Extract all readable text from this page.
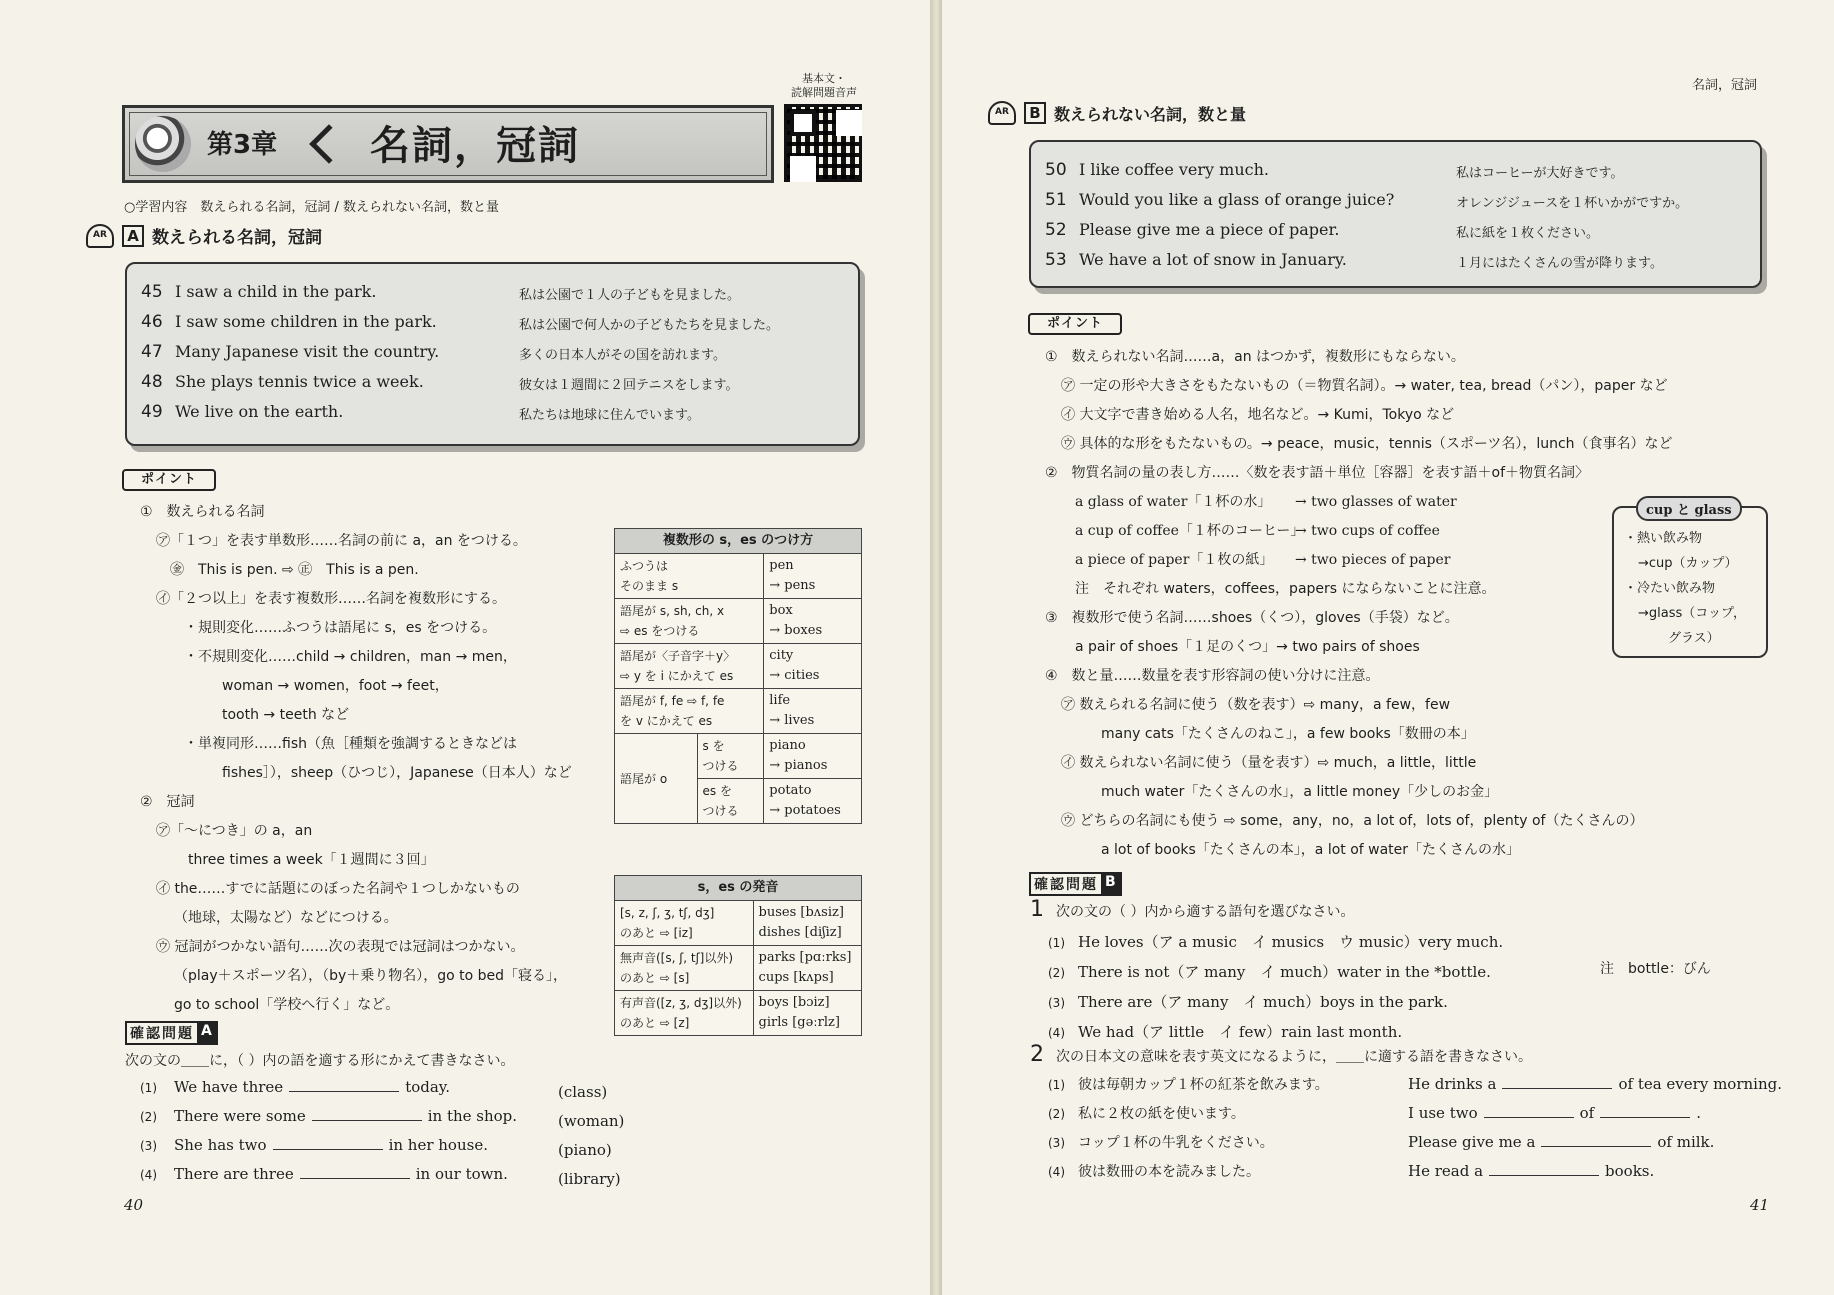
基本文・
読解問題音声
第3章 名詞，冠詞
○学習内容　数えられる名詞，冠詞 / 数えられない名詞，数と量
AR	A 数えられる名詞，冠詞
45 I saw a child in the park.	私は公園で１人の子どもを見ました。
46 I saw some children in the park.	私は公園で何人かの子どもたちを見ました。
47 Many Japanese visit the country.	多くの日本人がその国を訪れます。
48 She plays tennis twice a week.	彼女は１週間に２回テニスをします。
49 We live on the earth.	私たちは地球に住んでいます。
ポイント
①　数えられる名詞
㋐「１つ」を表す単数形……名詞の前に a，an をつける。
㊎　This is pen. ⇨ ㊣　This is a pen.
㋑「２つ以上」を表す複数形……名詞を複数形にする。
・規則変化……ふつうは語尾に s，es をつける。
・不規則変化……child → children，man → men，
woman → women，foot → feet，
tooth → teeth など
・単複同形……fish（魚［種類を強調するときなどは
fishes］），sheep（ひつじ），Japanese（日本人）など
②　冠詞
㋐「～につき」の a，an
three times a week「１週間に３回」
㋑ the……すでに話題にのぼった名詞や１つしかないもの
（地球，太陽など）などにつける。
㋒ 冠詞がつかない語句……次の表現では冠詞はつかない。
（play＋スポーツ名），（by＋乗り物名），go to bed「寝る」，
go to school「学校へ行く」など。
複数形の s，es のつけ方		
ふつうは
そのまま s		pen
→ pens
語尾が s, sh, ch, x
⇨ es をつける		box
→ boxes
語尾が〈子音字＋y〉
⇨ y を i にかえて es		city
→ cities
語尾が f, fe ⇨ f, fe
を v にかえて es		life
→ lives
語尾が o	s を
つける	piano
→ pianos
	es を
つける	potato
→ potatoes
s，es の発音	
[s, z, ʃ, ʒ, tʃ, dʒ]
のあと ⇨ [iz]	buses [bʌsiz]
dishes [diʃiz]
無声音([s, ʃ, tʃ]以外)
のあと ⇨ [s]	parks [pɑːrks]
cups [kʌps]
有声音([z, ʒ, dʒ]以外)
のあと ⇨ [z]	boys [bɔiz]
girls [gəːrlz]
確認問題 A
次の文の＿＿に，（ ）内の語を適する形にかえて書きなさい。
(1)	We have three	today.
(2)	There were some	in the shop.
(3)	She has two	in her house.
(4)	There are three	in our town.
(class)
(woman)
(piano)
(library)
40
名詞，冠詞
AR	B 数えられない名詞，数と量
50 I like coffee very much.	私はコーヒーが大好きです。
51 Would you like a glass of orange juice?	オレンジジュースを１杯いかがですか。
52 Please give me a piece of paper.	私に紙を１枚ください。
53 We have a lot of snow in January.	１月にはたくさんの雪が降ります。
ポイント
①　数えられない名詞……a，an はつかず，複数形にもならない。
㋐ 一定の形や大きさをもたないもの（＝物質名詞）。→ water, tea, bread（パン），paper など
㋑ 大文字で書き始める人名，地名など。→ Kumi，Tokyo など
㋒ 具体的な形をもたないもの。→ peace，music，tennis（スポーツ名），lunch（食事名）など
②　物質名詞の量の表し方……〈数を表す語＋単位［容器］を表す語＋of＋物質名詞〉
a glass of water「１杯の水」
a cup of coffee「１杯のコーヒー」
a piece of paper「１枚の紙」
→ two glasses of water
→ two cups of coffee
→ two pieces of paper
注　それぞれ waters，coffees，papers にならないことに注意。
③　複数形で使う名詞……shoes（くつ），gloves（手袋）など。
a pair of shoes「１足のくつ」→ two pairs of shoes
④　数と量……数量を表す形容詞の使い分けに注意。
㋐ 数えられる名詞に使う（数を表す）⇨ many，a few，few
many cats「たくさんのねこ」，a few books「数冊の本」
㋑ 数えられない名詞に使う（量を表す）⇨ much，a little，little
much water「たくさんの水」，a little money「少しのお金」
㋒ どちらの名詞にも使う ⇨ some，any，no，a lot of，lots of，plenty of（たくさんの）
a lot of books「たくさんの本」，a lot of water「たくさんの水」
・熱い飲み物
→cup（カップ）
・冷たい飲み物
→glass（コップ，
グラス）
cup と glass
確認問題 B
1 次の文の（ ）内から適する語句を選びなさい。
(1) He loves（ア a music　イ musics　ウ music）very much.
(2) There is not（ア many　イ much）water in the *bottle.
(3) There are（ア many　イ much）boys in the park.
(4) We had（ア little　イ few）rain last month.
注　bottle：びん
2 次の日本文の意味を表す英文になるように，＿＿に適する語を書きなさい。
(1) 彼は毎朝カップ１杯の紅茶を飲みます。	He drinks a	of tea every morning.
(2) 私に２枚の紙を使います。	I use two	of	.
(3) コップ１杯の牛乳をください。	Please give me a	of milk.
(4) 彼は数冊の本を読みました。	He read a	books.
41
